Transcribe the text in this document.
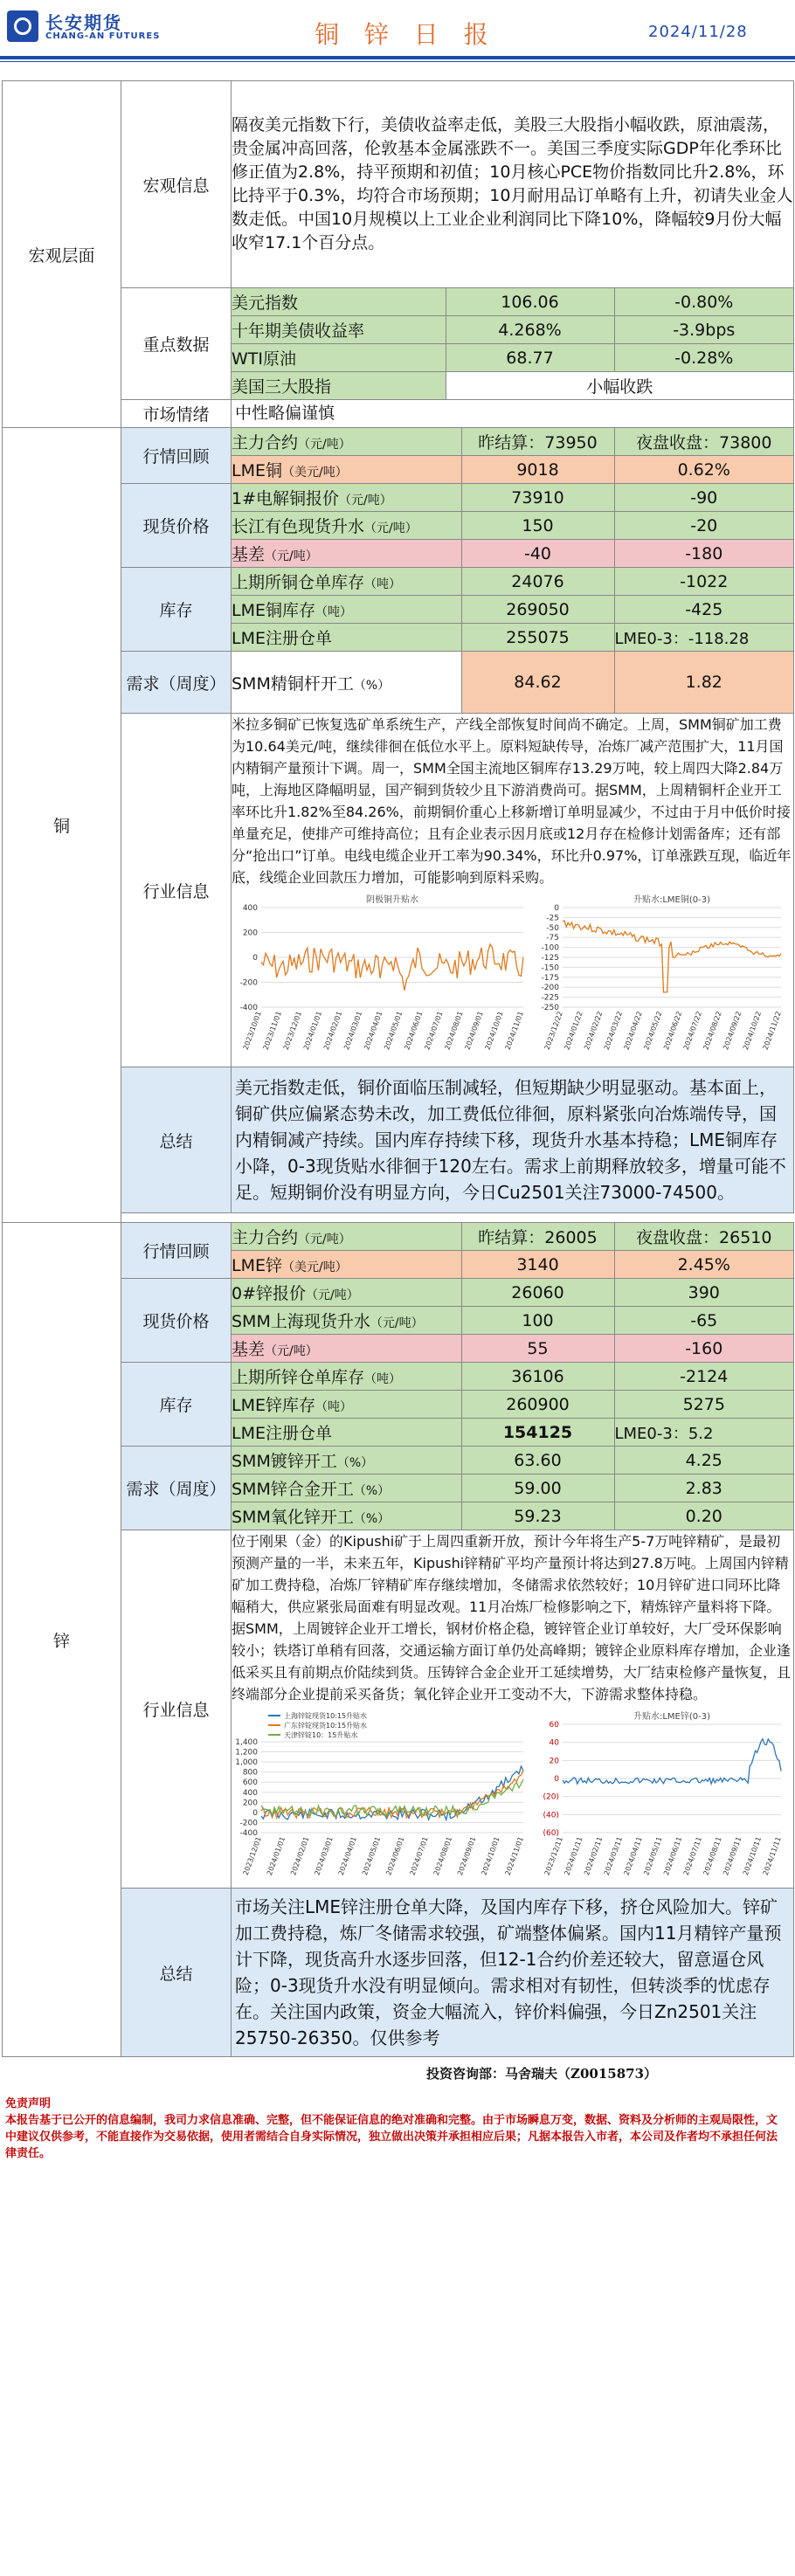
长安期货
CHANG-AN FUTURES	铜 锌 日 报	2024/11/28
宏观层面	宏观信息	隔夜美元指数下行，美债收益率走低，美股三大股指小幅收跌，原油震荡，贵金属冲高回落，伦敦基本金属涨跌不一。美国三季度实际GDP年化季环比修正值为2.8%，持平预期和初值；10月核心PCE物价指数同比升2.8%，环比持平于0.3%，均符合市场预期；10月耐用品订单略有上升，初请失业金人数走低。中国10月规模以上工业企业利润同比下降10%，降幅较9月份大幅收窄17.1个百分点。
重点数据	
美元指数	106.06	-0.80%
十年期美债收益率	4.268%	-3.9bps
WTI原油	68.77	-0.28%
美国三大股指	小幅收跌

市场情绪	中性略偏谨慎
铜	行情回顾	
主力合约（元/吨）	昨结算：73950	夜盘收盘：73800
LME铜（美元/吨）	9018	0.62%

现货价格	
1#电解铜报价（元/吨）	73910	-90
长江有色现货升水（元/吨）	150	-20
基差（元/吨）	-40	-180

库存	
上期所铜仓单库存（吨）	24076	-1022
LME铜库存（吨）	269050	-425
LME注册仓单	255075	LME0-3：-118.28

需求（周度）	SMM精铜杆开工（%）	84.62	1.82

行业信息	
米拉多铜矿已恢复选矿单系统生产，产线全部恢复时间尚不确定。上周，SMM铜矿加工费为10.64美元/吨，继续徘徊在低位水平上。原料短缺传导，冶炼厂减产范围扩大，11月国内精铜产量预计下调。周一，SMM全国主流地区铜库存13.29万吨，较上周四大降2.84万吨，上海地区降幅明显，国产铜到货较少且下游消费尚可。据SMM，上周精铜杆企业开工率环比升1.82%至84.26%，前期铜价重心上移新增订单明显减少，不过由于月中低价时接单量充足，使排产可维持高位；且有企业表示因月底或12月存在检修计划需备库；还有部分“抢出口”订单。电线电缆企业开工率为90.34%，环比升0.97%，订单涨跌互现，临近年底，线缆企业回款压力增加，可能影响到原料采购。
400
200
0
-200
-400
2023/10/01
2023/11/01
2023/12/01
2024/01/01
2024/02/01
2024/03/01
2024/04/01
2024/05/01
2024/06/01
2024/07/01
2024/08/01
2024/09/01
2024/10/01
2024/11/01
阴极铜升贴水
0
-25
-50
-75
-100
-125
-150
-175
-200
-225
-250
2023/12/22
2024/01/22
2024/02/22
2024/03/22
2024/04/22
2024/05/22
2024/06/22
2024/07/22
2024/08/22
2024/09/22
2024/10/22
2024/11/22
升贴水:LME铜(0-3)

总结	美元指数走低，铜价面临压制减轻，但短期缺少明显驱动。基本面上，铜矿供应偏紧态势未改，加工费低位徘徊，原料紧张向冶炼端传导，国内精铜减产持续。国内库存持续下移，现货升水基本持稳；LME铜库存小降，0-3现货贴水徘徊于120左右。需求上前期释放较多，增量可能不足。短期铜价没有明显方向，今日Cu2501关注73000-74500。

锌	行情回顾	
主力合约（元/吨）	昨结算：26005	夜盘收盘：26510
LME锌（美元/吨）	3140	2.45%

现货价格	
0#锌报价（元/吨）	26060	390
SMM上海现货升水（元/吨）	100	-65
基差（元/吨）	55	-160

库存	
上期所锌仓单库存（吨）	36106	-2124
LME锌库存（吨）	260900	5275
LME注册仓单	154125	LME0-3：5.2

需求（周度）	
SMM镀锌开工（%）	63.60	4.25
SMM锌合金开工（%）	59.00	2.83
SMM氧化锌开工（%）	59.23	0.20

行业信息	
位于刚果（金）的Kipushi矿于上周四重新开放，预计今年将生产5-7万吨锌精矿，是最初预测产量的一半，未来五年，Kipushi锌精矿平均产量预计将达到27.8万吨。上周国内锌精矿加工费持稳，冶炼厂锌精矿库存继续增加，冬储需求依然较好；10月锌矿进口同环比降幅稍大，供应紧张局面难有明显改观。11月冶炼厂检修影响之下，精炼锌产量料将下降。据SMM，上周镀锌企业开工增长，钢材价格企稳，镀锌管企业订单较好，大厂受环保影响较小；铁塔订单稍有回落，交通运输方面订单仍处高峰期；镀锌企业原料库存增加，企业逢低采买且有前期点价陆续到货。压铸锌合金企业开工延续增势，大厂结束检修产量恢复，且终端部分企业提前采买备货；氧化锌企业开工变动不大，下游需求整体持稳。
1,400
1,200
1,000
800
600
400
200
0
-200
-400
2023/12/01 2024/01/01 2024/02/01 2024/03/01 2024/04/01 2024/05/01 2024/06/01 2024/07/01 2024/08/01 2024/09/01 2024/10/01 2024/11/01
上海锌锭现货10:15升贴水
广东锌锭现货10:15升贴水
天津锌锭10：15升贴水
60
40
20
0
(20)
(40)
(60)
2023/12/11
2024/01/11
2024/02/11
2024/03/11
2024/04/11
2024/05/11
2024/06/11
2024/07/11
2024/08/11
2024/09/11
2024/10/11
2024/11/11
升贴水:LME锌(0-3)

总结	市场关注LME锌注册仓单大降，及国内库存下移，挤仓风险加大。锌矿加工费持稳，炼厂冬储需求较强，矿端整体偏紧。国内11月精锌产量预计下降，现货高升水逐步回落，但12-1合约价差还较大，留意逼仓风险；0-3现货升水没有明显倾向。需求相对有韧性，但转淡季的忧虑存在。关注国内政策，资金大幅流入，锌价料偏强，今日Zn2501关注25750-26350。仅供参考
投资咨询部：马舍瑞夫（Z0015873）
免责声明
本报告基于已公开的信息编制，我司力求信息准确、完整，但不能保证信息的绝对准确和完整。由于市场瞬息万变，数据、资料及分析师的主观局限性，文中建议仅供参考，不能直接作为交易依据，使用者需结合自身实际情况，独立做出决策并承担相应后果；凡据本报告入市者，本公司及作者均不承担任何法律责任。
